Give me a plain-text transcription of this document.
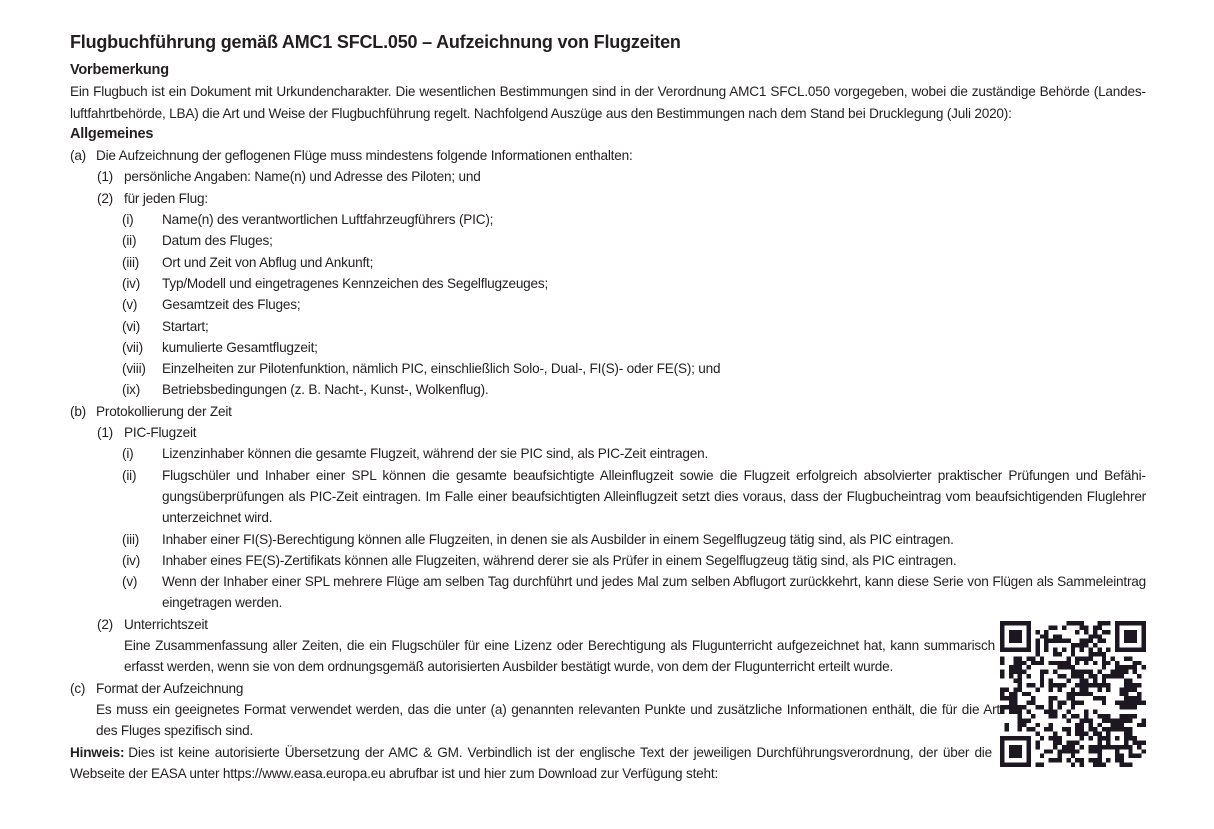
Flugbuchführung gemäß AMC1 SFCL.050 – Aufzeichnung von Flugzeiten
Vorbemerkung

Ein Flugbuch ist ein Dokument mit Urkundencharakter. Die wesentlichen Bestimmungen sind in der Verordnung AMC1 SFCL.050 vorgegeben, wobei die zuständige Behörde (Landesluftfahrtbehörde, LBA) die Art und Weise der Flugbuchführung regelt. Nachfolgend Auszüge aus den Bestimmungen nach dem Stand bei Drucklegung (Juli 2020):

Allgemeines
(a) Die Aufzeichnung der geflogenen Flüge muss mindestens folgende Informationen enthalten:
(1) persönliche Angaben: Name(n) und Adresse des Piloten; und
(2) für jeden Flug:
(i) Name(n) des verantwortlichen Luftfahrzeugführers (PIC);
(ii) Datum des Fluges;
(iii) Ort und Zeit von Abflug und Ankunft;
(iv) Typ/Modell und eingetragenes Kennzeichen des Segelflugzeuges;
(v) Gesamtzeit des Fluges;
(vi) Startart;
(vii) kumulierte Gesamtflugzeit;
(viii) Einzelheiten zur Pilotenfunktion, nämlich PIC, einschließlich Solo-, Dual-, FI(S)- oder FE(S); und
(ix) Betriebsbedingungen (z. B. Nacht-, Kunst-, Wolkenflug).
(b) Protokollierung der Zeit
(1) PIC-Flugzeit
(i) Lizenzinhaber können die gesamte Flugzeit, während der sie PIC sind, als PIC-Zeit eintragen.
(ii) Flugschüler und Inhaber einer SPL können die gesamte beaufsichtigte Alleinflugzeit sowie die Flugzeit erfolgreich absolvierter praktischer Prüfungen und Befähigungsüberprüfungen als PIC-Zeit eintragen. Im Falle einer beaufsichtigten Alleinflugzeit setzt dies voraus, dass der Flugbucheintrag vom beaufsichtigenden Fluglehrer unterzeichnet wird.
(iii) Inhaber einer FI(S)-Berechtigung können alle Flugzeiten, in denen sie als Ausbilder in einem Segelflugzeug tätig sind, als PIC eintragen.
(iv) Inhaber eines FE(S)-Zertifikats können alle Flugzeiten, während derer sie als Prüfer in einem Segelflugzeug tätig sind, als PIC eintragen.
(v) Wenn der Inhaber einer SPL mehrere Flüge am selben Tag durchführt und jedes Mal zum selben Abflugort zurückkehrt, kann diese Serie von Flügen als Sammeleintrag eingetragen werden.
(2) Unterrichtszeit
Eine Zusammenfassung aller Zeiten, die ein Flugschüler für eine Lizenz oder Berechtigung als Flugunterricht aufgezeichnet hat, kann summarisch erfasst werden, wenn sie von dem ordnungsgemäß autorisierten Ausbilder bestätigt wurde, von dem der Flugunterricht erteilt wurde.
(c) Format der Aufzeichnung
Es muss ein geeignetes Format verwendet werden, das die unter (a) genannten relevanten Punkte und zusätzliche Informationen enthält, die für die Art des Fluges spezifisch sind.

Hinweis: Dies ist keine autorisierte Übersetzung der AMC & GM. Verbindlich ist der englische Text der jeweiligen Durchführungsverordnung, der über die Webseite der EASA unter https://www.easa.europa.eu abrufbar ist und hier zum Download zur Verfügung steht:
